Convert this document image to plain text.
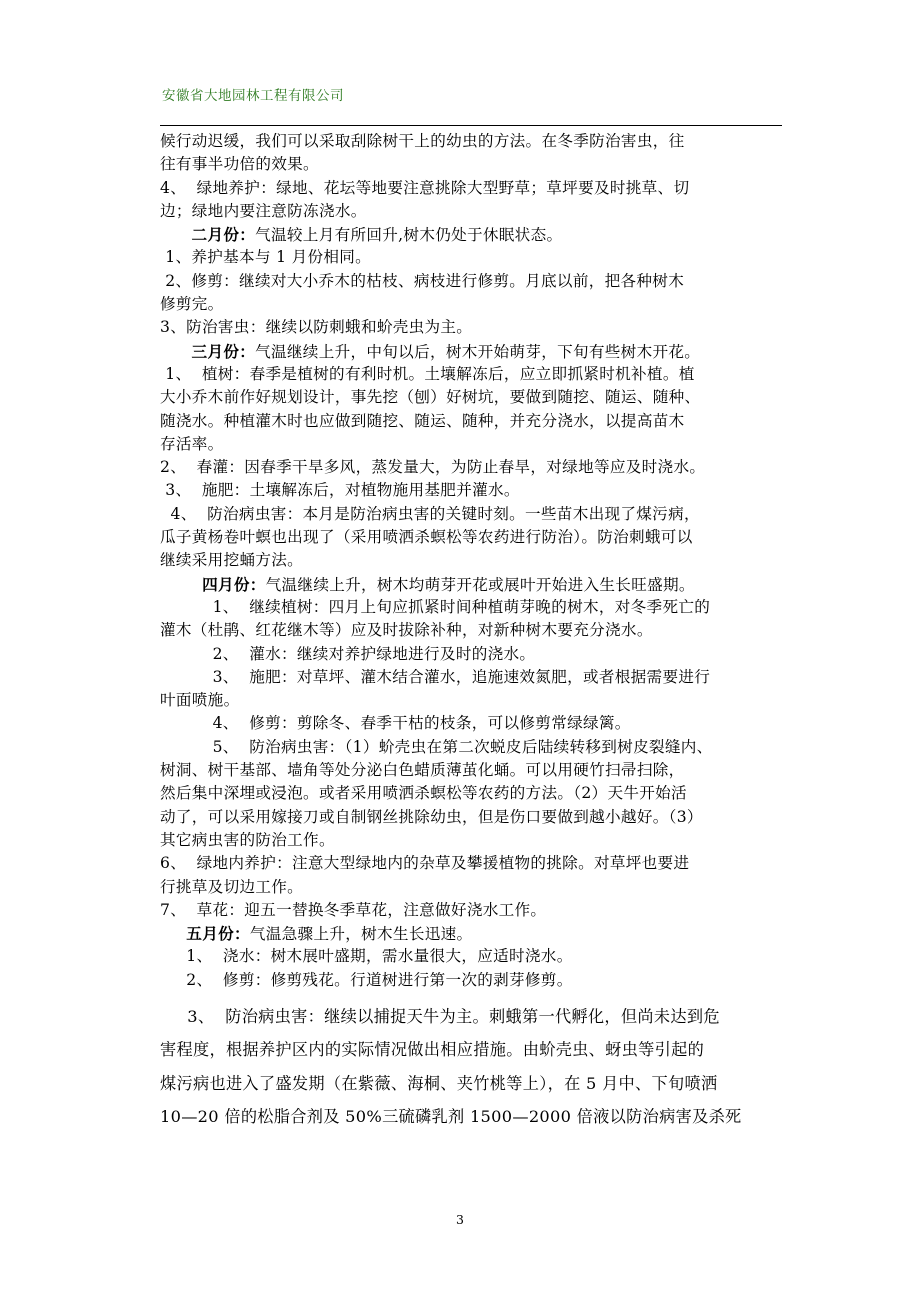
安徽省大地园林工程有限公司
候行动迟缓，我们可以采取刮除树干上的幼虫的方法。在冬季防治害虫，往
往有事半功倍的效果。
4、  绿地养护：绿地、花坛等地要注意挑除大型野草；草坪要及时挑草、切
边；绿地内要注意防冻浇水。
二月份：气温较上月有所回升,树木仍处于休眠状态。
1、养护基本与 1 月份相同。
2、修剪：继续对大小乔木的枯枝、病枝进行修剪。月底以前，把各种树木
修剪完。
3、防治害虫：继续以防刺蛾和蚧壳虫为主。
三月份：气温继续上升，中旬以后，树木开始萌芽，下旬有些树木开花。
1、  植树：春季是植树的有利时机。土壤解冻后，应立即抓紧时机补植。植
大小乔木前作好规划设计，事先挖（刨）好树坑，要做到随挖、随运、随种、
随浇水。种植灌木时也应做到随挖、随运、随种，并充分浇水，以提高苗木
存活率。
2、  春灌：因春季干旱多风，蒸发量大，为防止春旱，对绿地等应及时浇水。
3、  施肥：土壤解冻后，对植物施用基肥并灌水。
4、  防治病虫害：本月是防治病虫害的关键时刻。一些苗木出现了煤污病，
瓜子黄杨卷叶螟也出现了（采用喷洒杀螟松等农药进行防治）。防治刺蛾可以
继续采用挖蛹方法。
四月份：气温继续上升，树木均萌芽开花或展叶开始进入生长旺盛期。
1、  继续植树：四月上旬应抓紧时间种植萌芽晚的树木，对冬季死亡的
灌木（杜鹃、红花继木等）应及时拔除补种，对新种树木要充分浇水。
2、  灌水：继续对养护绿地进行及时的浇水。
3、  施肥：对草坪、灌木结合灌水，追施速效氮肥，或者根据需要进行
叶面喷施。
4、  修剪：剪除冬、春季干枯的枝条，可以修剪常绿绿篱。
5、  防治病虫害：（1）蚧壳虫在第二次蜕皮后陆续转移到树皮裂缝内、
树洞、树干基部、墙角等处分泌白色蜡质薄茧化蛹。可以用硬竹扫帚扫除，
然后集中深埋或浸泡。或者采用喷洒杀螟松等农药的方法。（2）天牛开始活
动了，可以采用嫁接刀或自制钢丝挑除幼虫，但是伤口要做到越小越好。（3）
其它病虫害的防治工作。
6、  绿地内养护：注意大型绿地内的杂草及攀援植物的挑除。对草坪也要进
行挑草及切边工作。
7、  草花：迎五一替换冬季草花，注意做好浇水工作。
五月份：气温急骤上升，树木生长迅速。
1、  浇水：树木展叶盛期，需水量很大，应适时浇水。
2、  修剪：修剪残花。行道树进行第一次的剥芽修剪。
3、  防治病虫害：继续以捕捉天牛为主。刺蛾第一代孵化，但尚未达到危
害程度，根据养护区内的实际情况做出相应措施。由蚧壳虫、蚜虫等引起的
煤污病也进入了盛发期（在紫薇、海桐、夹竹桃等上），在 5 月中、下旬喷洒
10—20 倍的松脂合剂及 50%三硫磷乳剂 1500—2000 倍液以防治病害及杀死
3
